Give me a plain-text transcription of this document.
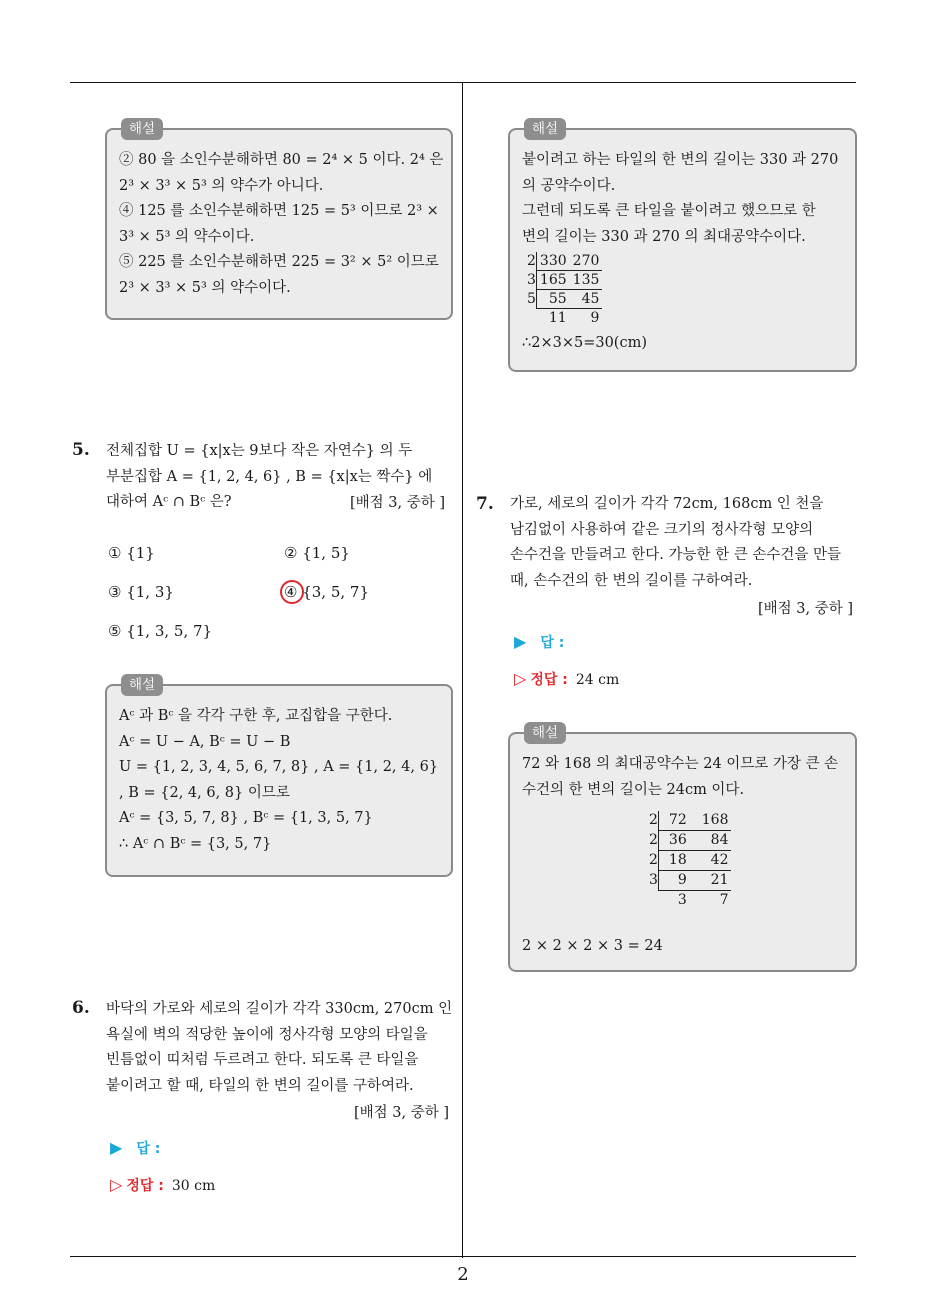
2
해설
② 80 을 소인수분해하면 80 = 2⁴ × 5 이다. 2⁴ 은
2³ × 3³ × 5³ 의 약수가 아니다.
④ 125 를 소인수분해하면 125 = 5³ 이므로 2³ ×
3³ × 5³ 의 약수이다.
⑤ 225 를 소인수분해하면 225 = 3² × 5² 이므로
2³ × 3³ × 5³ 의 약수이다.
5. 전체집합 U = {x|x는 9보다 작은 자연수} 의 두
부분집합 A = {1, 2, 4, 6} , B = {x|x는 짝수} 에
대하여 Aᶜ ∩ Bᶜ 은?	[배점 3, 중하 ]
① {1}	② {1, 5}
③ {1, 3}	④ {3, 5, 7}
⑤ {1, 3, 5, 7}
해설
Aᶜ 과 Bᶜ 을 각각 구한 후, 교집합을 구한다.
Aᶜ = U − A, Bᶜ = U − B
U = {1, 2, 3, 4, 5, 6, 7, 8} , A = {1, 2, 4, 6}
, B = {2, 4, 6, 8} 이므로
Aᶜ = {3, 5, 7, 8} , Bᶜ = {1, 3, 5, 7}
∴ Aᶜ ∩ Bᶜ = {3, 5, 7}
6. 바닥의 가로와 세로의 길이가 각각 330cm, 270cm 인
욕실에 벽의 적당한 높이에 정사각형 모양의 타일을
빈틈없이 띠처럼 두르려고 한다. 되도록 큰 타일을
붙이려고 할 때, 타일의 한 변의 길이를 구하여라.
[배점 3, 중하 ]
▶ 답 :
▷ 정답 : 30 cm
해설
붙이려고 하는 타일의 한 변의 길이는 330 과 270
의 공약수이다.
그런데 되도록 큰 타일을 붙이려고 했으므로 한
변의 길이는 330 과 270 의 최대공약수이다.
2	330	270
3	165	135
5	55	45
	11	9
∴2×3×5=30(cm)
7. 가로, 세로의 길이가 각각 72cm, 168cm 인 천을
남김없이 사용하여 같은 크기의 정사각형 모양의
손수건을 만들려고 한다. 가능한 한 큰 손수건을 만들
때, 손수건의 한 변의 길이를 구하여라.
[배점 3, 중하 ]
▶ 답 :
▷ 정답 : 24 cm
해설
72 와 168 의 최대공약수는 24 이므로 가장 큰 손
수건의 한 변의 길이는 24cm 이다.
2	72	168
2	36	84
2	18	42
3	9	21
	3	7
2 × 2 × 2 × 3 = 24
